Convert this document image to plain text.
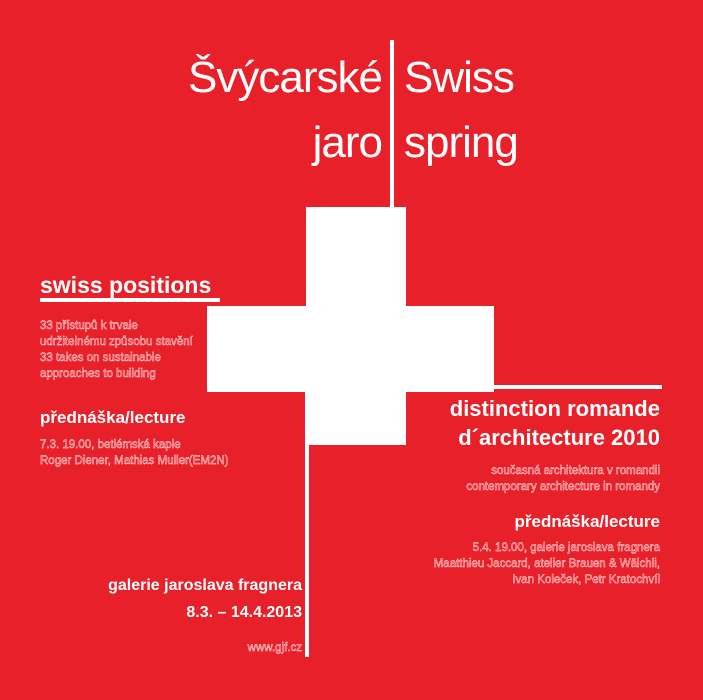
Švýcarské
jaro
Swiss
spring
swiss positions
33 přístupů k trvale
udržitelnému způsobu stavění
33 takes on sustainable
approaches to building
přednáška/lecture
7.3. 19.00, betlémská kaple
Roger Diener, Mathias Muller(EM2N)
galerie jaroslava fragnera
8.3. – 14.4.2013
www.gjf.cz
distinction romande
d´architecture 2010
současná architektura v romandii
contemporary architecture in romandy
přednáška/lecture
5.4. 19.00, galerie jaroslava fragnera
Maatthieu Jaccard, atelier Brauen & Wälchli,
Ivan Koleček, Petr Kratochvíl
